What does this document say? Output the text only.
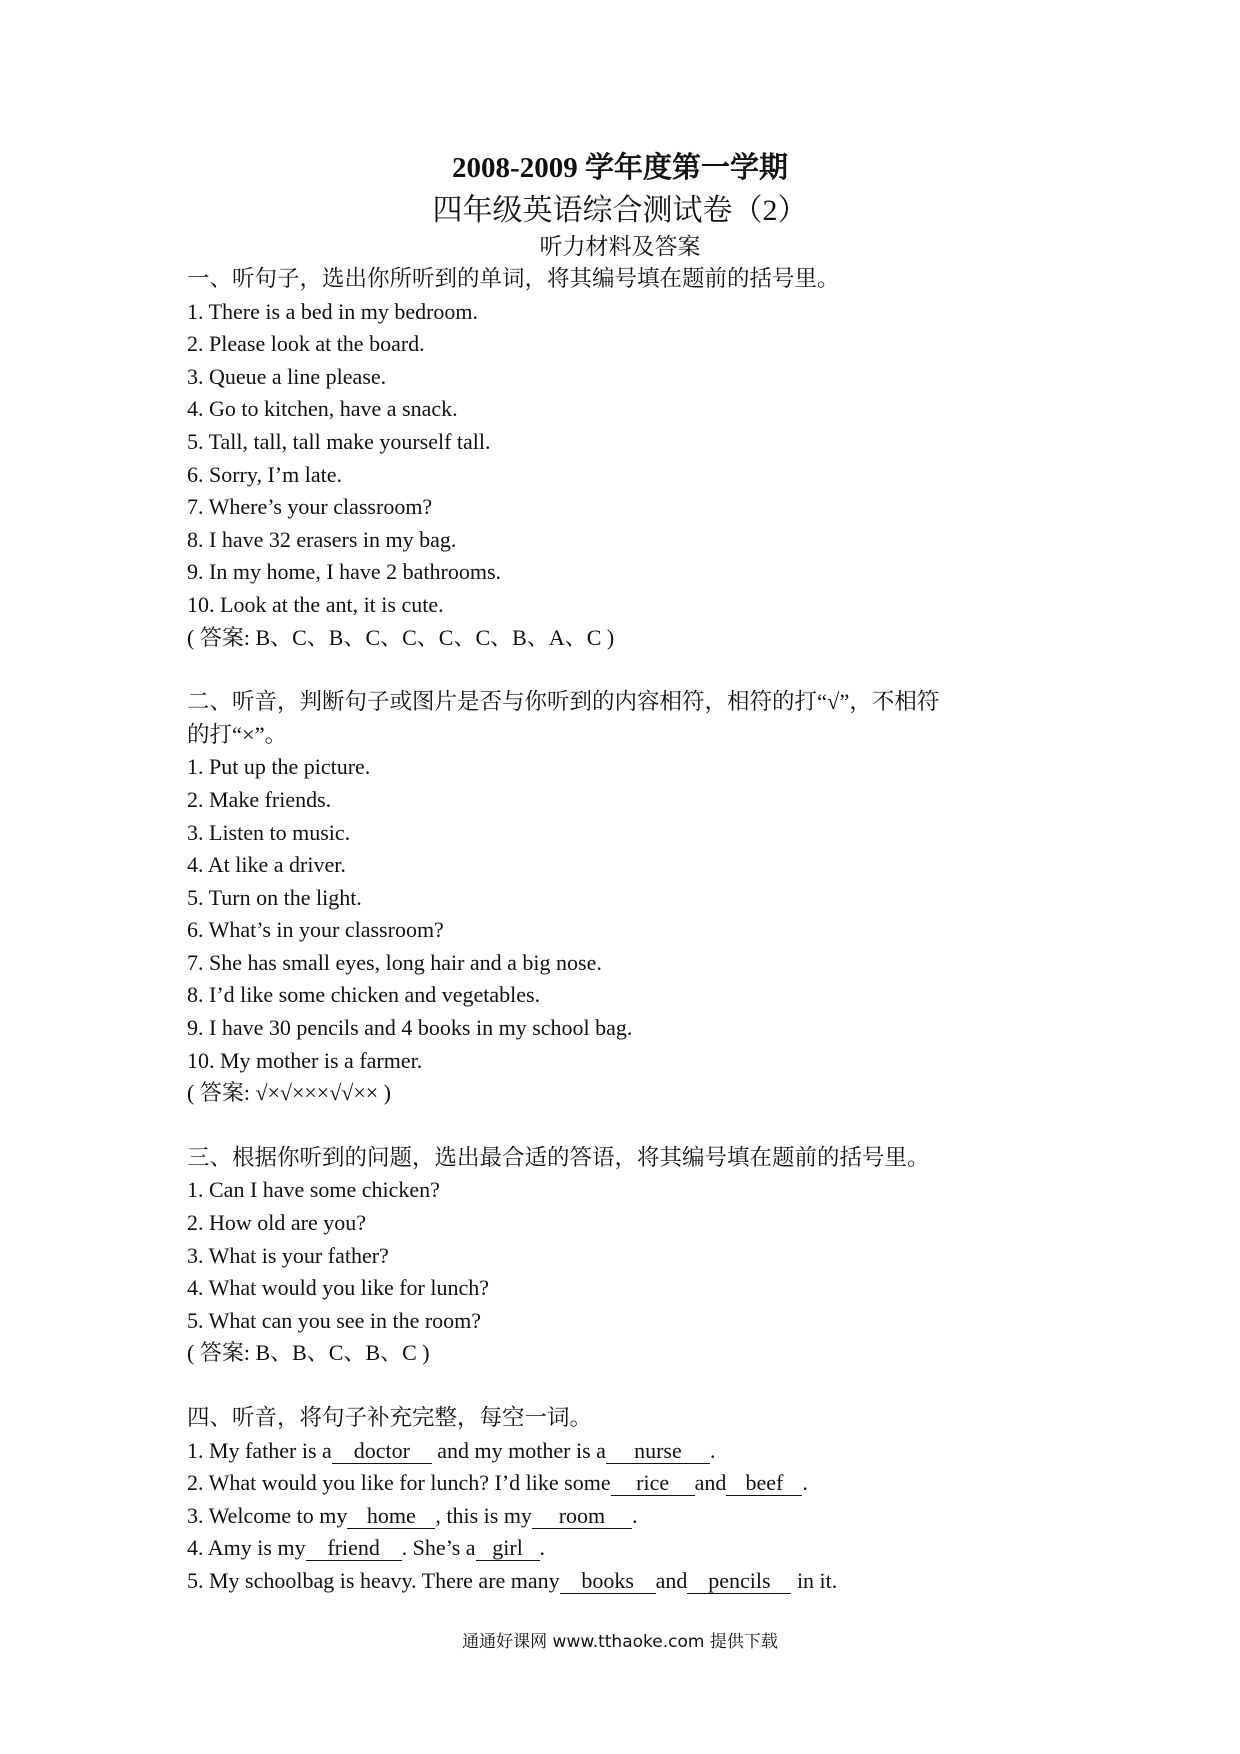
2008-2009 学年度第一学期
四年级英语综合测试卷（2）
听力材料及答案
一、听句子，选出你所听到的单词，将其编号填在题前的括号里。
1. There is a bed in my bedroom.
2. Please look at the board.
3. Queue a line please.
4. Go to kitchen, have a snack.
5. Tall, tall, tall make yourself tall.
6. Sorry, I’m late.
7. Where’s your classroom?
8. I have 32 erasers in my bag.
9. In my home, I have 2 bathrooms.
10. Look at the ant, it is cute.
( 答案: B、C、B、C、C、C、C、B、A、C )
二、听音，判断句子或图片是否与你听到的内容相符，相符的打“√”，不相符
的打“×”。
1. Put up the picture.
2. Make friends.
3. Listen to music.
4. At like a driver.
5. Turn on the light.
6. What’s in your classroom?
7. She has small eyes, long hair and a big nose.
8. I’d like some chicken and vegetables.
9. I have 30 pencils and 4 books in my school bag.
10. My mother is a farmer.
( 答案: √×√×××√√×× )
三、根据你听到的问题，选出最合适的答语，将其编号填在题前的括号里。
1. Can I have some chicken?
2. How old are you?
3. What is your father?
4. What would you like for lunch?
5. What can you see in the room?
( 答案: B、B、C、B、C )
四、听音，将句子补充完整，每空一词。
1. My father is a doctor and my mother is a nurse .
2. What would you like for lunch? I’d like some rice and beef .
3. Welcome to my home , this is my room .
4. Amy is my friend . She’s a girl .
5. My schoolbag is heavy. There are many books and pencils in it.
通通好课网 www.tthaoke.com 提供下载
